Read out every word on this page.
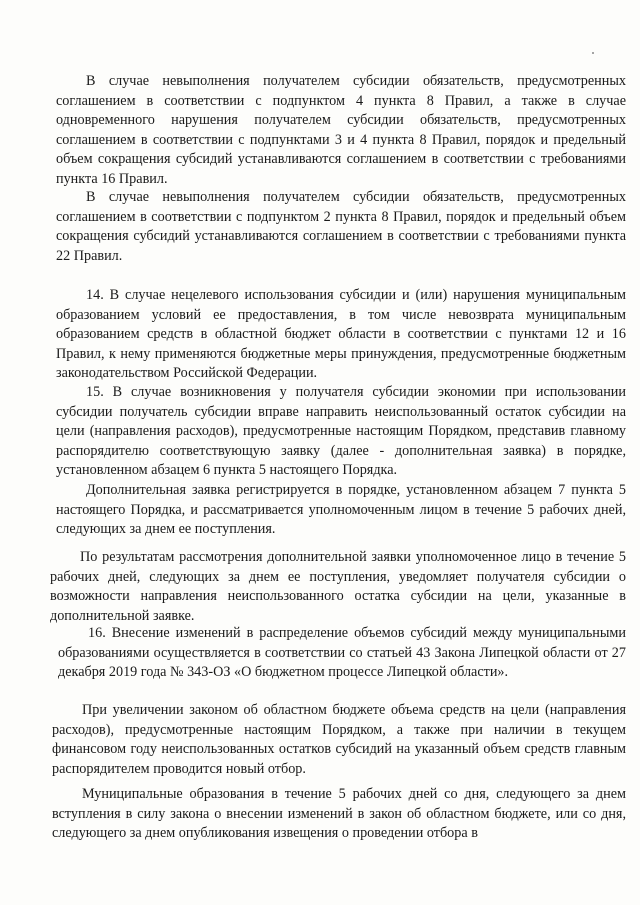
В случае невыполнения получателем субсидии обязательств, предусмотренных соглашением в соответствии с подпунктом 4 пункта 8 Правил, а также в случае одновременного нарушения получателем субсидии обязательств, предусмотренных соглашением в соответствии с подпунктами 3 и 4 пункта 8 Правил, порядок и предельный объем сокращения субсидий устанавливаются соглашением в соответствии с требованиями пункта 16 Правил.

В случае невыполнения получателем субсидии обязательств, предусмотренных соглашением в соответствии с подпунктом 2 пункта 8 Правил, порядок и предельный объем сокращения субсидий устанавливаются соглашением в соответствии с требованиями пункта 22 Правил.

14. В случае нецелевого использования субсидии и (или) нарушения муниципальным образованием условий ее предоставления, в том числе невозврата муниципальным образованием средств в областной бюджет области в соответствии с пунктами 12 и 16 Правил, к нему применяются бюджетные меры принуждения, предусмотренные бюджетным законодательством Российской Федерации.

15. В случае возникновения у получателя субсидии экономии при использовании субсидии получатель субсидии вправе направить неиспользованный остаток субсидии на цели (направления расходов), предусмотренные настоящим Порядком, представив главному распорядителю соответствующую заявку (далее - дополнительная заявка) в порядке, установленном абзацем 6 пункта 5 настоящего Порядка.

Дополнительная заявка регистрируется в порядке, установленном абзацем 7 пункта 5 настоящего Порядка, и рассматривается уполномоченным лицом в течение 5 рабочих дней, следующих за днем ее поступления.

По результатам рассмотрения дополнительной заявки уполномоченное лицо в течение 5 рабочих дней, следующих за днем ее поступления, уведомляет получателя субсидии о возможности направления неиспользованного остатка субсидии на цели, указанные в дополнительной заявке.

16. Внесение изменений в распределение объемов субсидий между муниципальными образованиями осуществляется в соответствии со статьей 43 Закона Липецкой области от 27 декабря 2019 года № 343-ОЗ «О бюджетном процессе Липецкой области».

При увеличении законом об областном бюджете объема средств на цели (направления расходов), предусмотренные настоящим Порядком, а также при наличии в текущем финансовом году неиспользованных остатков субсидий на указанный объем средств главным распорядителем проводится новый отбор.

Муниципальные образования в течение 5 рабочих дней со дня, следующего за днем вступления в силу закона о внесении изменений в закон об областном бюджете, или со дня, следующего за днем опубликования извещения о проведении отбора в
